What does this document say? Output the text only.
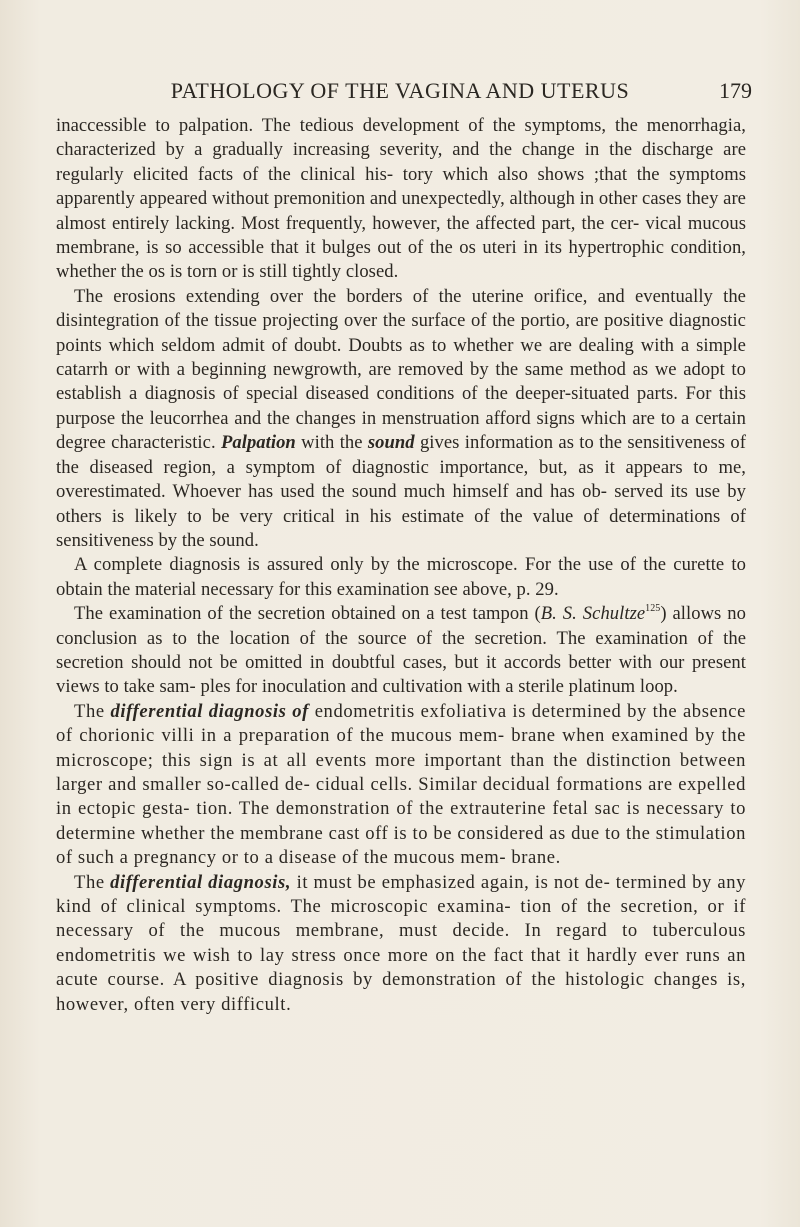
PATHOLOGY OF THE VAGINA AND UTERUS	179

inaccessible to palpation. The tedious development of the symptoms, the menorrhagia, characterized by a gradually increasing severity, and the change in the discharge are regularly elicited facts of the clinical his- tory which also shows ;that the symptoms apparently appeared without premonition and unexpectedly, although in other cases they are almost entirely lacking. Most frequently, however, the affected part, the cer- vical mucous membrane, is so accessible that it bulges out of the os uteri in its hypertrophic condition, whether the os is torn or is still tightly closed.

The erosions extending over the borders of the uterine orifice, and eventually the disintegration of the tissue projecting over the surface of the portio, are positive diagnostic points which seldom admit of doubt. Doubts as to whether we are dealing with a simple catarrh or with a beginning newgrowth, are removed by the same method as we adopt to establish a diagnosis of special diseased conditions of the deeper-situated parts. For this purpose the leucorrhea and the changes in menstruation afford signs which are to a certain degree characteristic. Palpation with the sound gives information as to the sensitiveness of the diseased region, a symptom of diagnostic importance, but, as it appears to me, overestimated. Whoever has used the sound much himself and has ob- served its use by others is likely to be very critical in his estimate of the value of determinations of sensitiveness by the sound.

A complete diagnosis is assured only by the microscope. For the use of the curette to obtain the material necessary for this examination see above, p. 29.

The examination of the secretion obtained on a test tampon (B. S. Schultze$^{125}$) allows no conclusion as to the location of the source of the secretion. The examination of the secretion should not be omitted in doubtful cases, but it accords better with our present views to take sam- ples for inoculation and cultivation with a sterile platinum loop.

The differential diagnosis of endometritis exfoliativa is determined by the absence of chorionic villi in a preparation of the mucous mem- brane when examined by the microscope; this sign is at all events more important than the distinction between larger and smaller so-called de- cidual cells. Similar decidual formations are expelled in ectopic gesta- tion. The demonstration of the extrauterine fetal sac is necessary to determine whether the membrane cast off is to be considered as due to the stimulation of such a pregnancy or to a disease of the mucous mem- brane.

The differential diagnosis, it must be emphasized again, is not de- termined by any kind of clinical symptoms. The microscopic examina- tion of the secretion, or if necessary of the mucous membrane, must decide. In regard to tuberculous endometritis we wish to lay stress once more on the fact that it hardly ever runs an acute course. A positive diagnosis by demonstration of the histologic changes is, however, often very difficult.
